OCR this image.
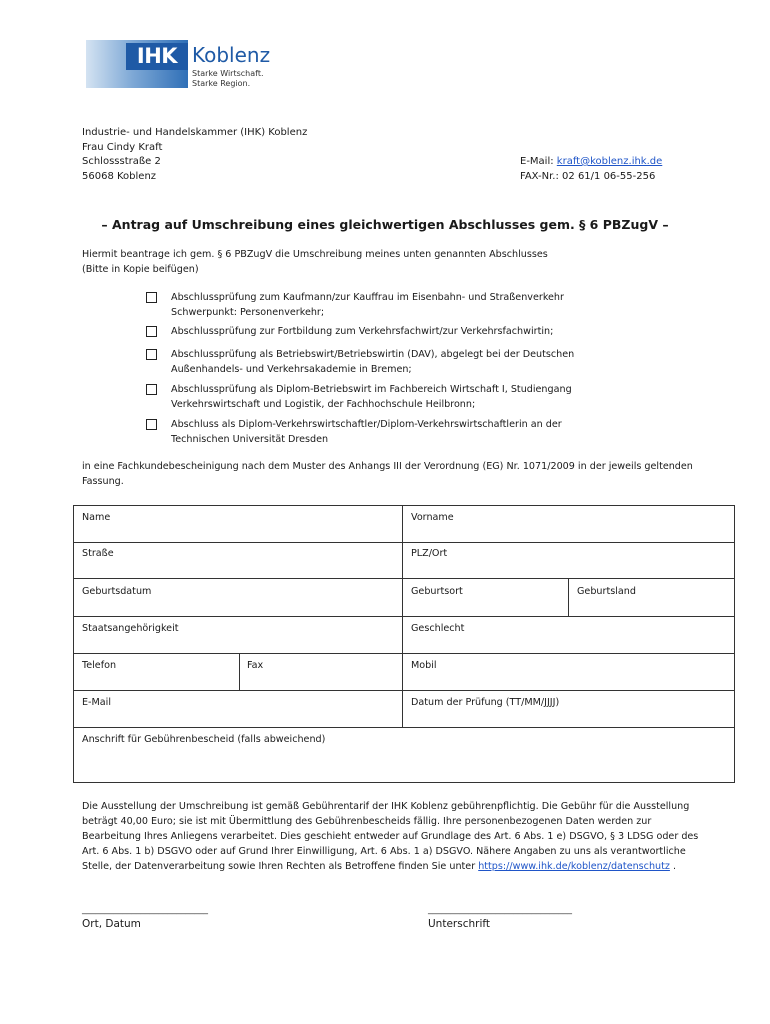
IHK Koblenz
Starke Wirtschaft.
Starke Region.
Industrie- und Handelskammer (IHK) Koblenz
Frau Cindy Kraft
Schlossstraße 2
56068 Koblenz
E-Mail: kraft@koblenz.ihk.de
FAX-Nr.: 02 61/1 06-55-256
– Antrag auf Umschreibung eines gleichwertigen Abschlusses gem. § 6 PBZugV –
Hiermit beantrage ich gem. § 6 PBZugV die Umschreibung meines unten genannten Abschlusses
(Bitte in Kopie beifügen)
Abschlussprüfung zum Kaufmann/zur Kauffrau im Eisenbahn- und Straßenverkehr
Schwerpunkt: Personenverkehr;
Abschlussprüfung zur Fortbildung zum Verkehrsfachwirt/zur Verkehrsfachwirtin;
Abschlussprüfung als Betriebswirt/Betriebswirtin (DAV), abgelegt bei der Deutschen
Außenhandels- und Verkehrsakademie in Bremen;
Abschlussprüfung als Diplom-Betriebswirt im Fachbereich Wirtschaft I, Studiengang
Verkehrswirtschaft und Logistik, der Fachhochschule Heilbronn;
Abschluss als Diplom-Verkehrswirtschaftler/Diplom-Verkehrswirtschaftlerin an der
Technischen Universität Dresden
in eine Fachkundebescheinigung nach dem Muster des Anhangs III der Verordnung (EG) Nr. 1071/2009 in der jeweils geltenden
Fassung.
Name	Vorname
Straße	PLZ/Ort
Geburtsdatum	Geburtsort	Geburtsland
Staatsangehörigkeit	Geschlecht
Telefon	Fax	Mobil
E-Mail	Datum der Prüfung (TT/MM/JJJJ)
Anschrift für Gebührenbescheid (falls abweichend)
Die Ausstellung der Umschreibung ist gemäß Gebührentarif der IHK Koblenz gebührenpflichtig. Die Gebühr für die Ausstellung
beträgt 40,00 Euro; sie ist mit Übermittlung des Gebührenbescheids fällig. Ihre personenbezogenen Daten werden zur
Bearbeitung Ihres Anliegens verarbeitet. Dies geschieht entweder auf Grundlage des Art. 6 Abs. 1 e) DSGVO, § 3 LDSG oder des
Art. 6 Abs. 1 b) DSGVO oder auf Grund Ihrer Einwilligung, Art. 6 Abs. 1 a) DSGVO. Nähere Angaben zu uns als verantwortliche
Stelle, der Datenverarbeitung sowie Ihren Rechten als Betroffene finden Sie unter https://www.ihk.de/koblenz/datenschutz .
____________________________
Ort, Datum
________________________________
Unterschrift
